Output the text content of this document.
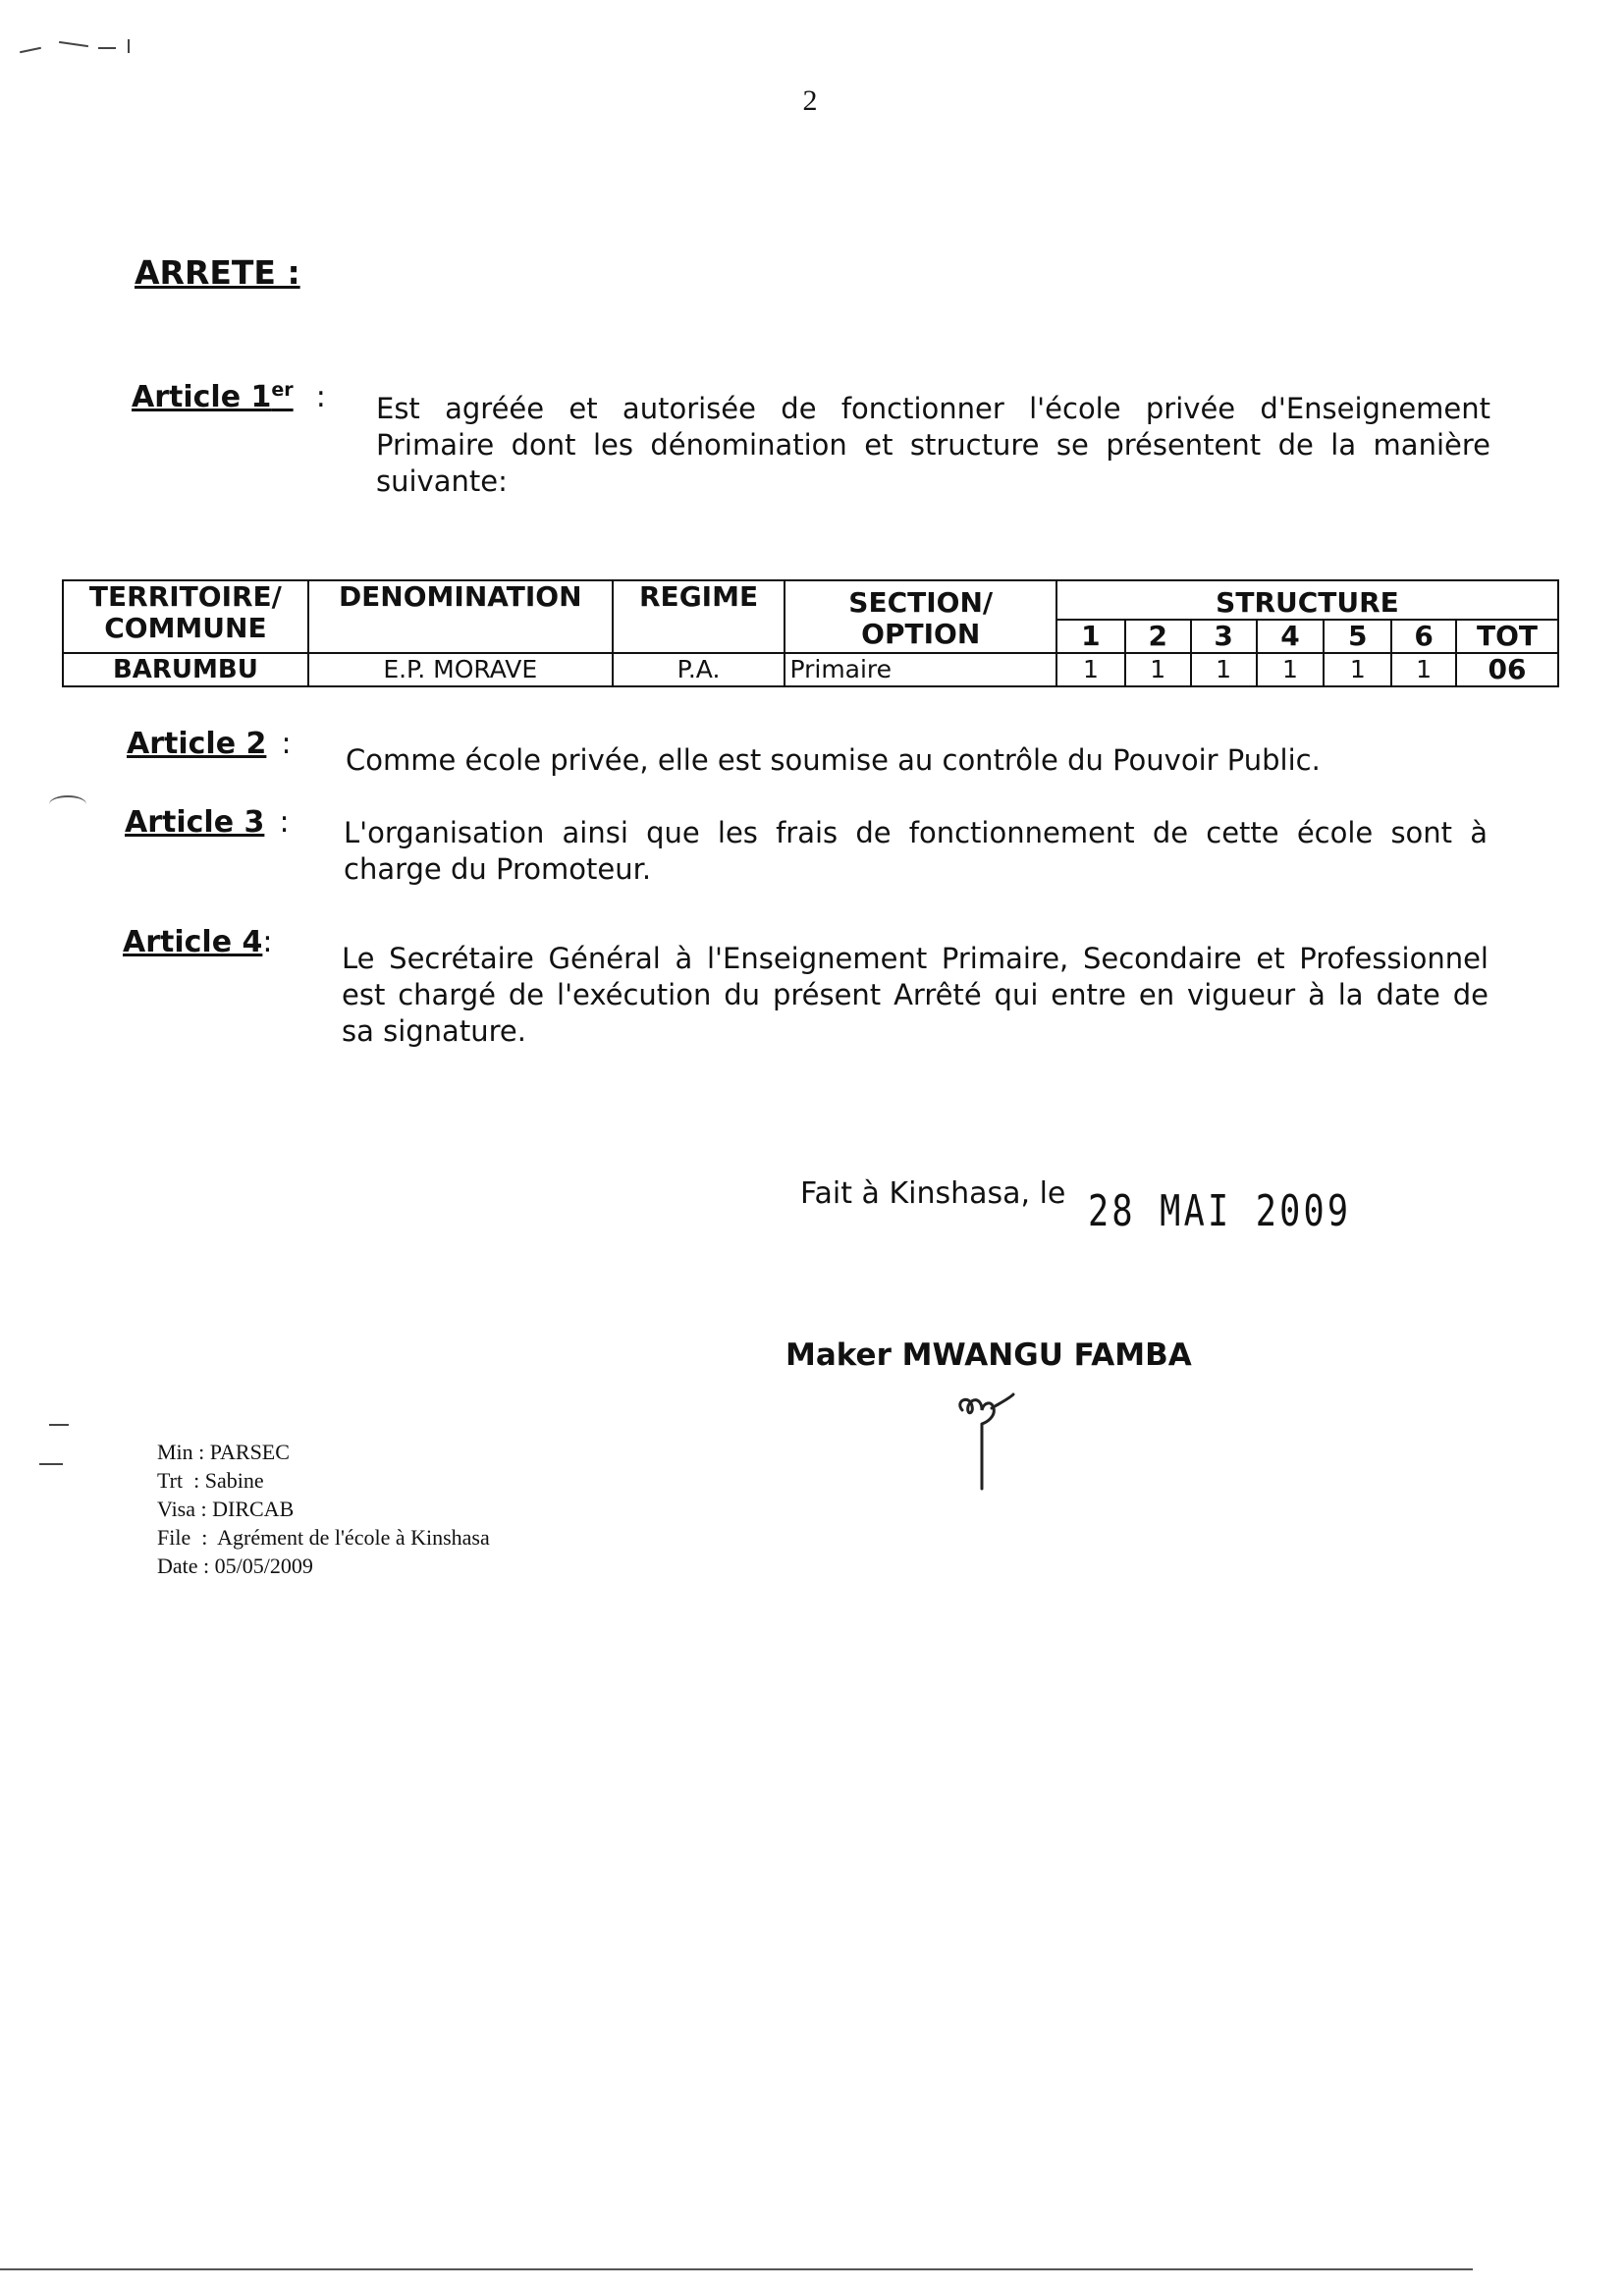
2
ARRETE :
Article 1er : Est agréée et autorisée de fonctionner l'école privée d'Enseignement
Primaire dont les dénomination et structure se présentent de la manière
suivante:
TERRITOIRE/ COMMUNE	DENOMINATION	REGIME	SECTION/ OPTION	STRUCTURE						
				1	2	3	4	5	6	TOT
BARUMBU	E.P. MORAVE	P.A.	Primaire	1	1	1	1	1	1	06
Article 2 : Comme école privée, elle est soumise au contrôle du Pouvoir Public.
Article 3 : L'organisation ainsi que les frais de fonctionnement de cette école sont à
charge du Promoteur.
Article 4: Le Secrétaire Général à l'Enseignement Primaire, Secondaire et Professionnel
est chargé de l'exécution du présent Arrêté qui entre en vigueur à la date de
sa signature.
Fait à Kinshasa, le 28 MAI 2009
Maker MWANGU FAMBA
Min : PARSEC
Trt  : Sabine
Visa : DIRCAB
File  :  Agrément de l'école à Kinshasa
Date : 05/05/2009
